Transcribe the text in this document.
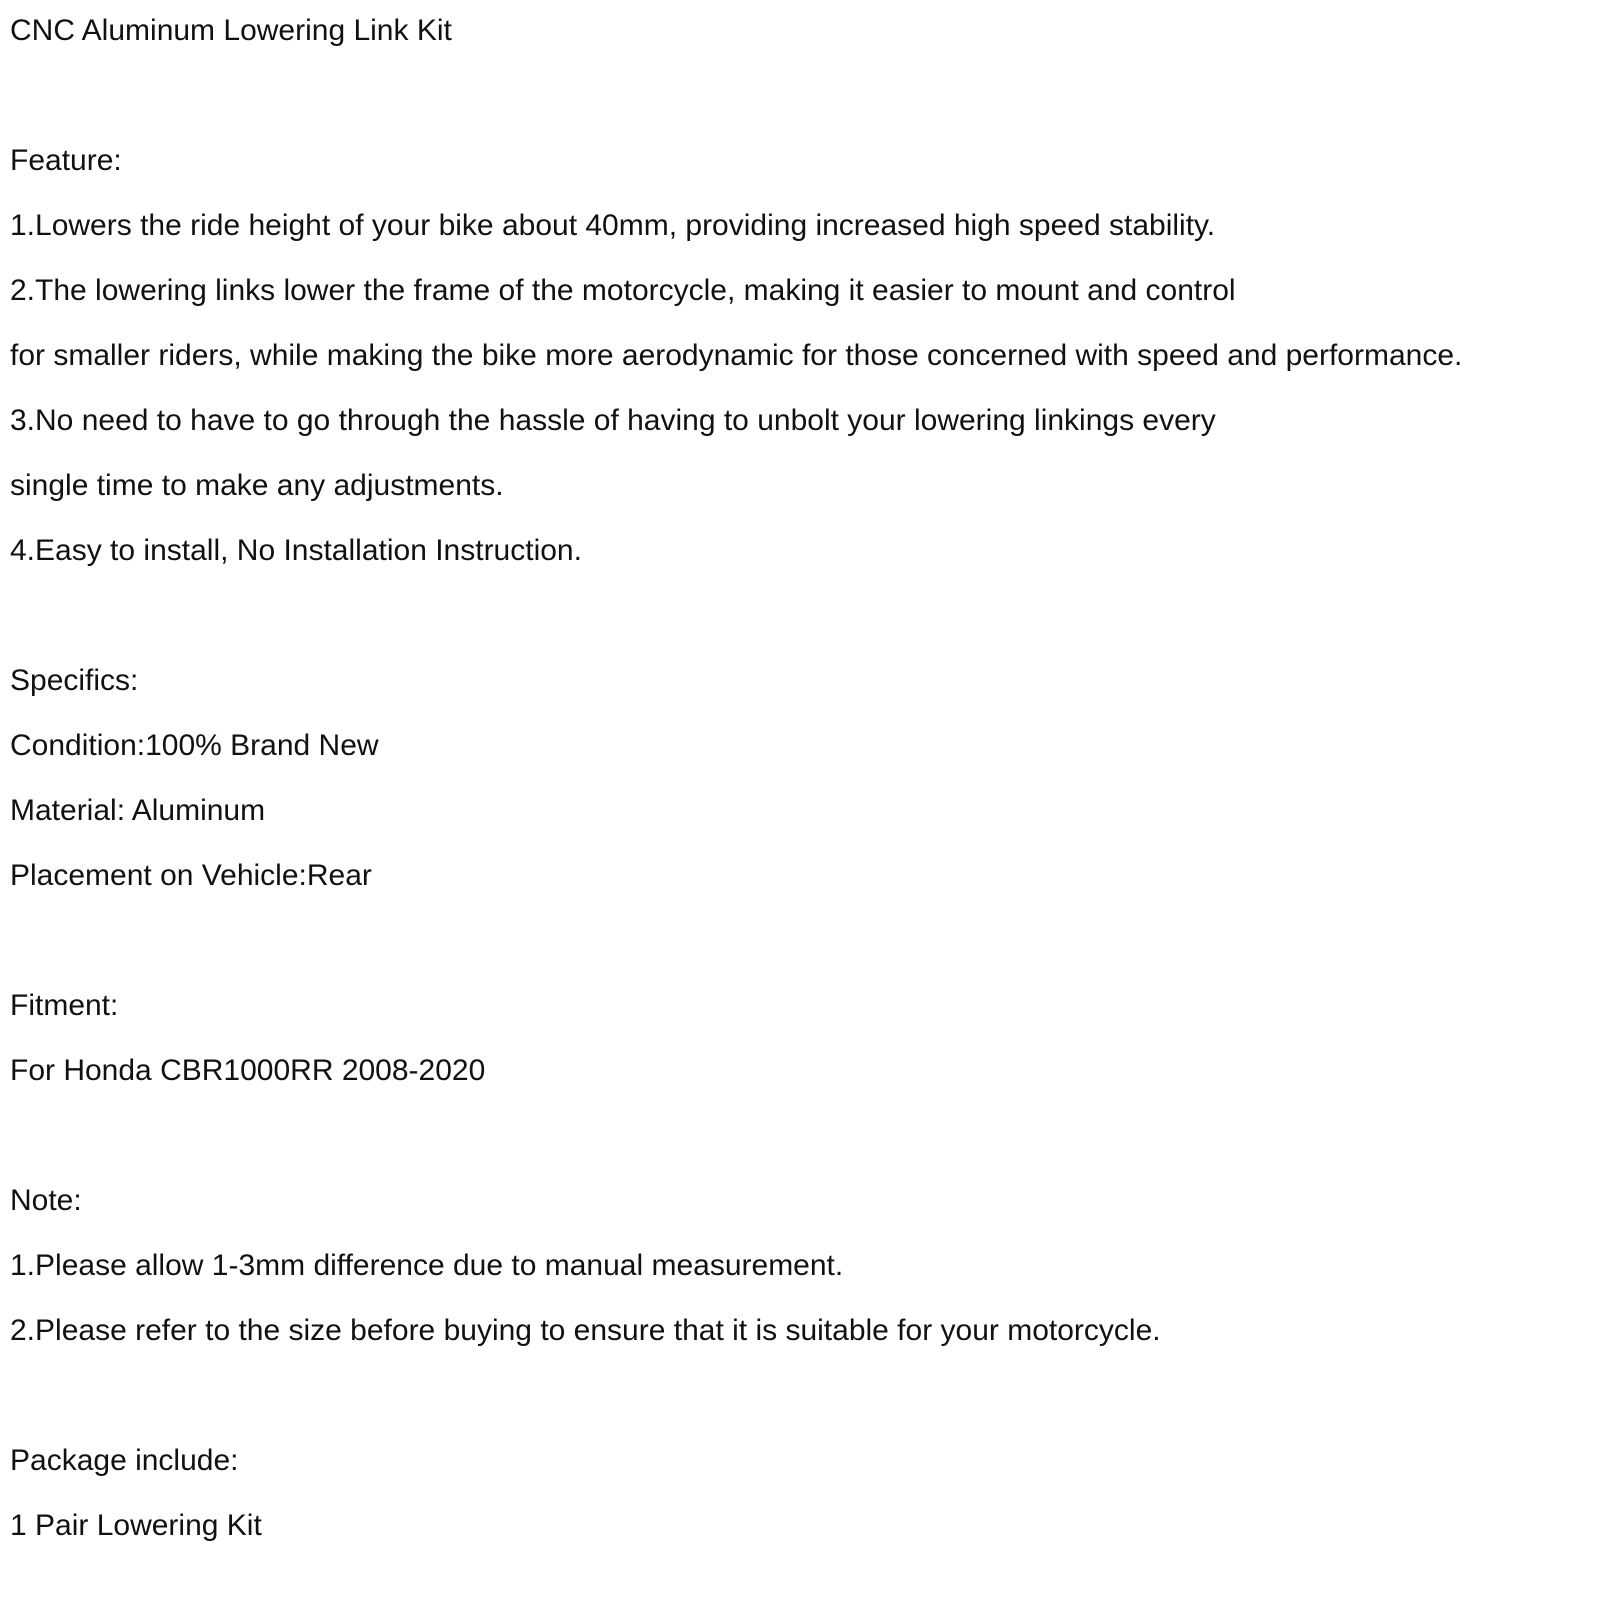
CNC Aluminum Lowering Link Kit

Feature:

1.Lowers the ride height of your bike about 40mm, providing increased high speed stability.

2.The lowering links lower the frame of the motorcycle, making it easier to mount and control

for smaller riders, while making the bike more aerodynamic for those concerned with speed and performance.

3.No need to have to go through the hassle of having to unbolt your lowering linkings every

single time to make any adjustments.

4.Easy to install, No Installation Instruction.

Specifics:

Condition:100% Brand New

Material: Aluminum

Placement on Vehicle:Rear

Fitment:

For Honda CBR1000RR 2008-2020

Note:

1.Please allow 1-3mm difference due to manual measurement.

2.Please refer to the size before buying to ensure that it is suitable for your motorcycle.

Package include:

1 Pair Lowering Kit
